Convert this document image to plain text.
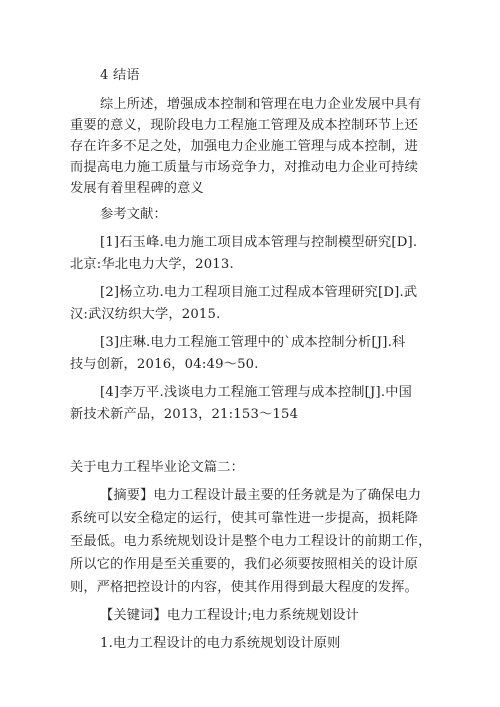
4 结语
综上所述，增强成本控制和管理在电力企业发展中具有
重要的意义，现阶段电力工程施工管理及成本控制环节上还
存在许多不足之处，加强电力企业施工管理与成本控制，进
而提高电力施工质量与市场竞争力，对推动电力企业可持续
发展有着里程碑的意义
参考文献：
[1]石玉峰.电力施工项目成本管理与控制模型研究[D].
北京:华北电力大学，2013.
[2]杨立功.电力工程项目施工过程成本管理研究[D].武
汉:武汉纺织大学，2015.
[3]庄琳.电力工程施工管理中的`成本控制分析[J].科
技与创新，2016，04:49～50.
[4]李万平.浅谈电力工程施工管理与成本控制[J].中国
新技术新产品，2013，21:153～154
关于电力工程毕业论文篇二：
【摘要】电力工程设计最主要的任务就是为了确保电力
系统可以安全稳定的运行，使其可靠性进一步提高，损耗降
至最低。电力系统规划设计是整个电力工程设计的前期工作，
所以它的作用是至关重要的，我们必须要按照相关的设计原
则，严格把控设计的内容，使其作用得到最大程度的发挥。
【关键词】电力工程设计;电力系统规划设计
1.电力工程设计的电力系统规划设计原则
